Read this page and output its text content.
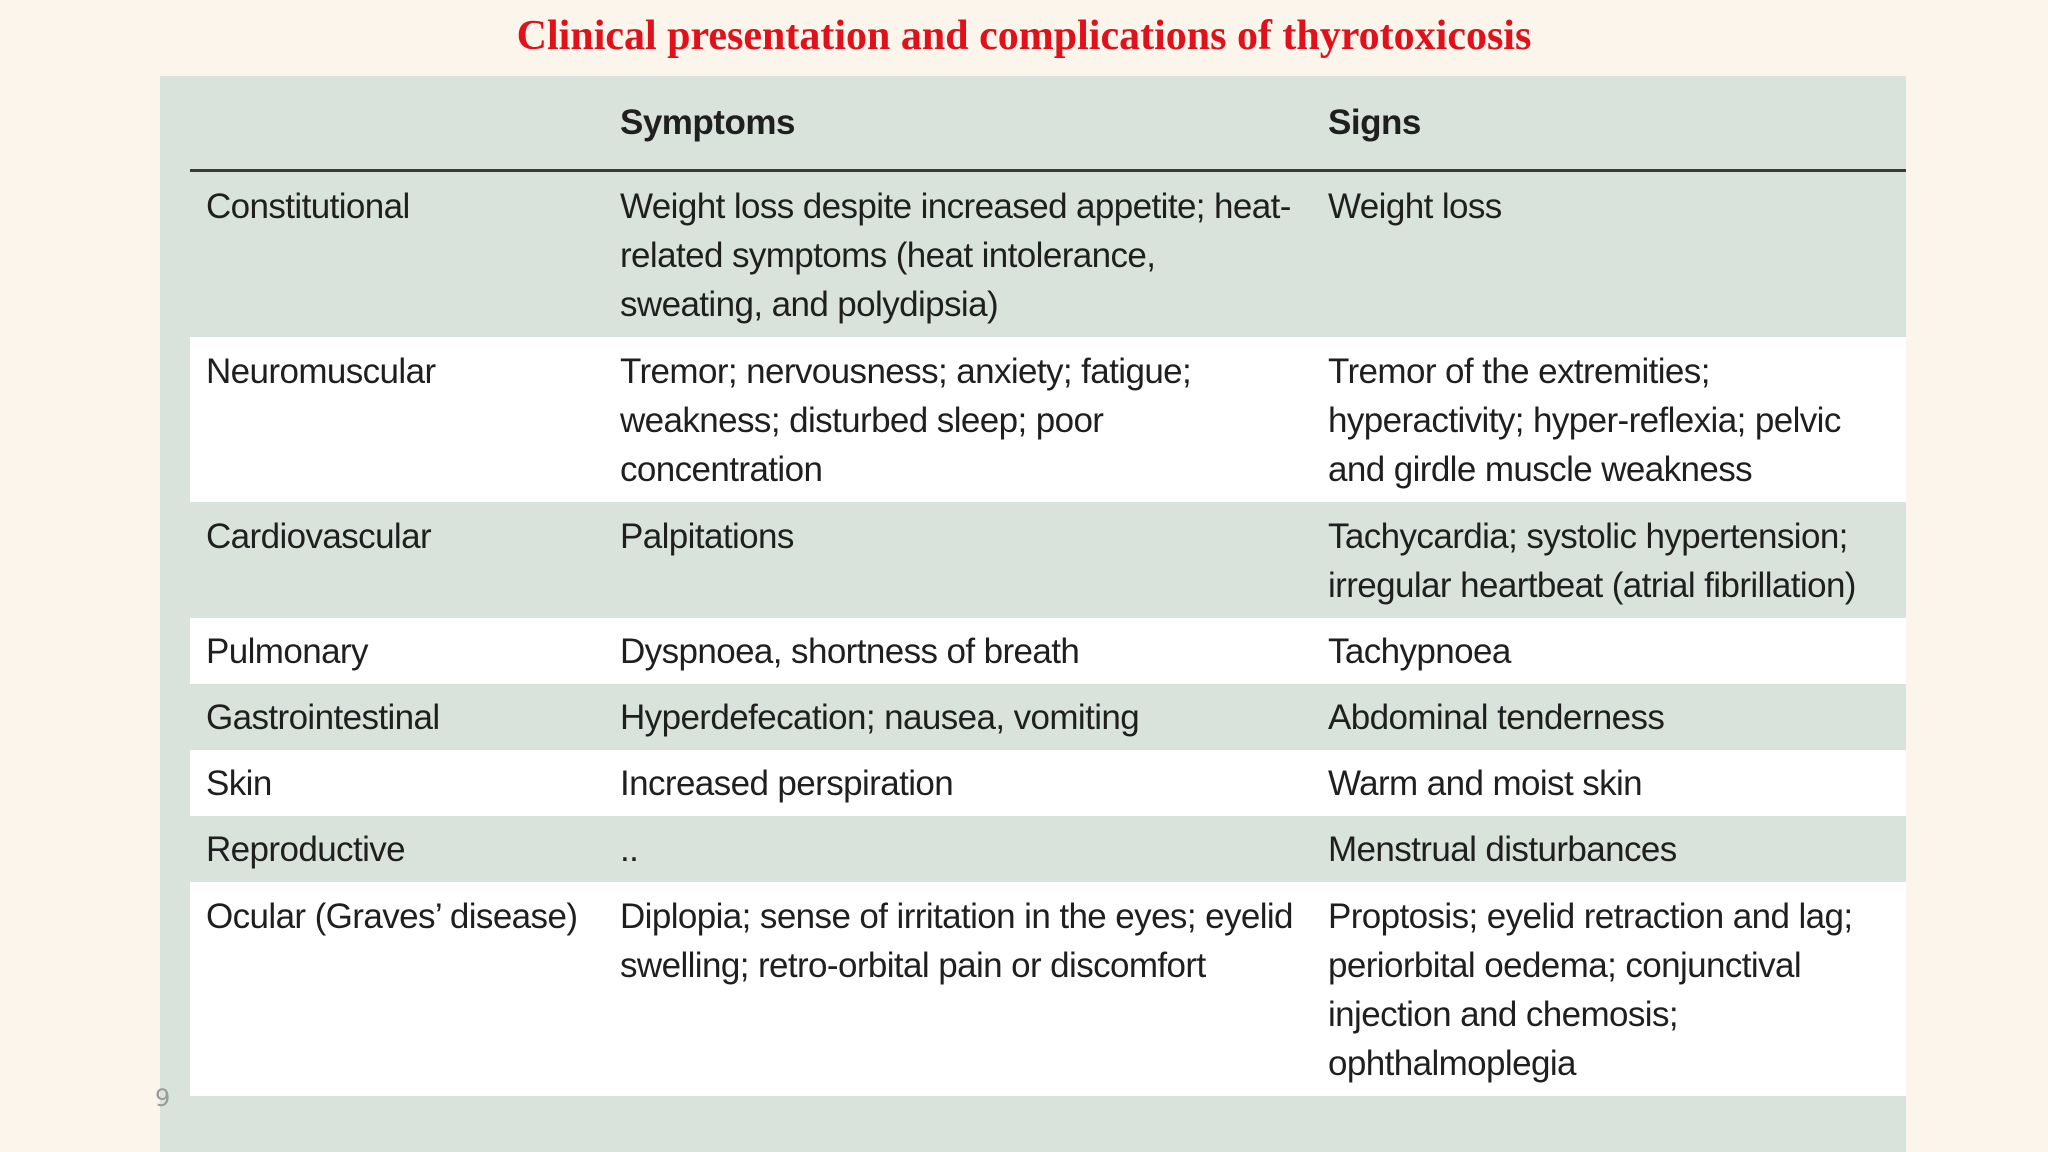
Clinical presentation and complications of thyrotoxicosis
	Symptoms	Signs
Constitutional	Weight loss despite increased appetite; heat-related symptoms (heat intolerance, sweating, and polydipsia)	Weight loss
Neuromuscular	Tremor; nervousness; anxiety; fatigue; weakness; disturbed sleep; poor concentration	Tremor of the extremities; hyperactivity; hyper-reflexia; pelvic and girdle muscle weakness
Cardiovascular	Palpitations	Tachycardia; systolic hypertension; irregular heartbeat (atrial fibrillation)
Pulmonary	Dyspnoea, shortness of breath	Tachypnoea
Gastrointestinal	Hyperdefecation; nausea, vomiting	Abdominal tenderness
Skin	Increased perspiration	Warm and moist skin
Reproductive	..	Menstrual disturbances
Ocular (Graves’ disease)	Diplopia; sense of irritation in the eyes; eyelid swelling; retro-orbital pain or discomfort	Proptosis; eyelid retraction and lag; periorbital oedema; conjunctival injection and chemosis; ophthalmoplegia
9
